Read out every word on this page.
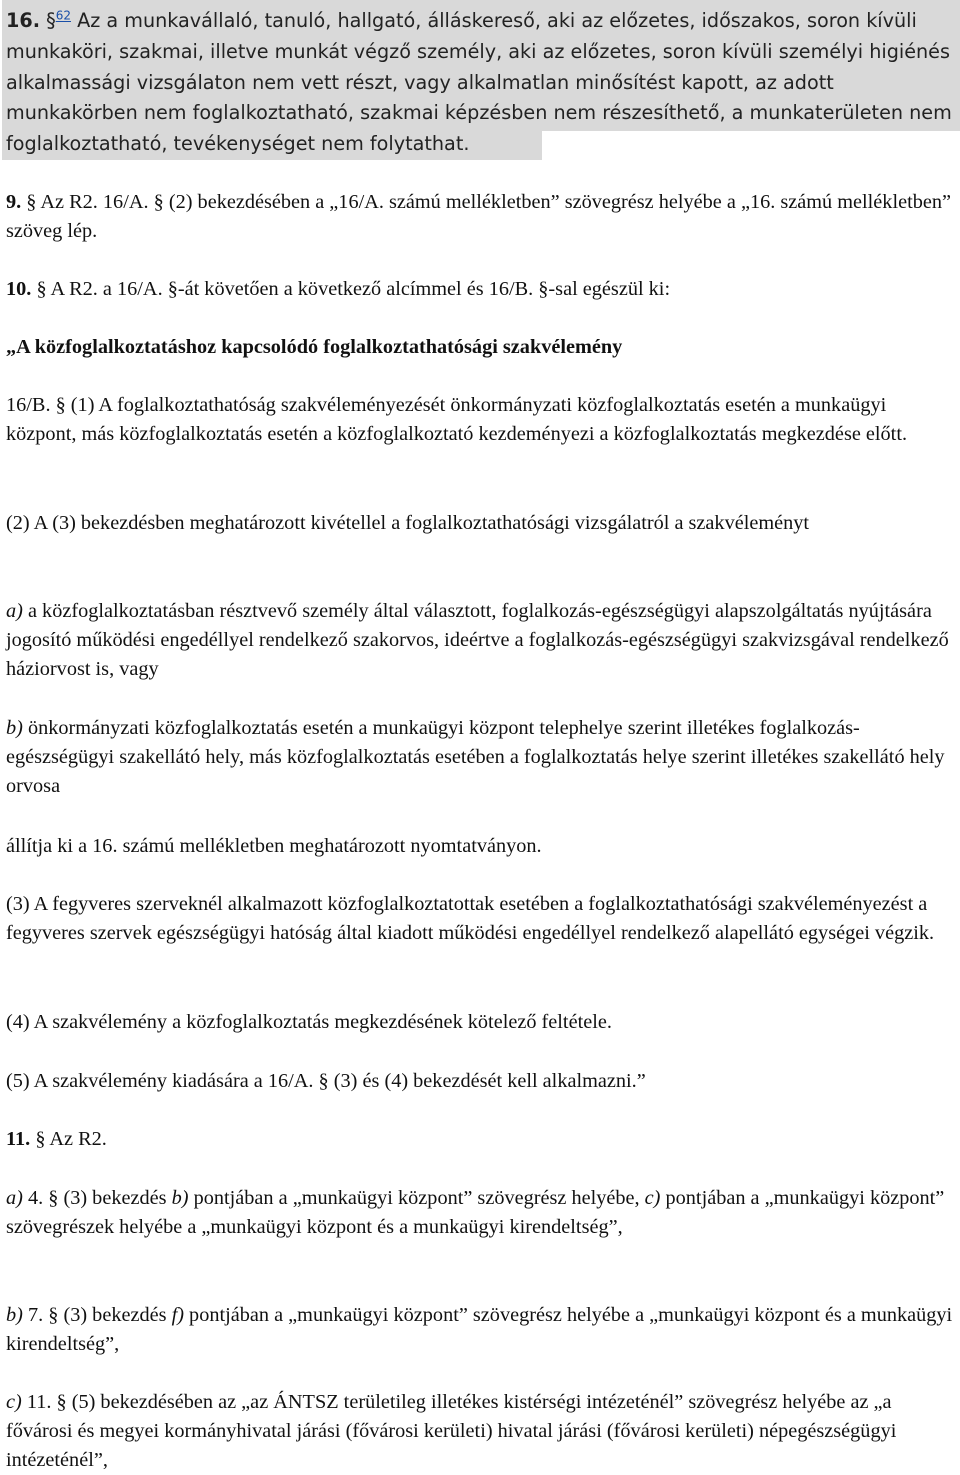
16. §$^{62}$ Az a munkavállaló, tanuló, hallgató, álláskereső, aki az előzetes, időszakos, soron kívüli munkaköri, szakmai, illetve munkát végző személy, aki az előzetes, soron kívüli személyi higiénés alkalmassági vizsgálaton nem vett részt, vagy alkalmatlan minősítést kapott, az adott munkakörben nem foglalkoztatható, szakmai képzésben nem részesíthető, a munkaterületen nem foglalkoztatható, tevékenységet nem folytathat.

9. § Az R2. 16/A. § (2) bekezdésében a „16/A. számú mellékletben” szövegrész helyébe a „16. számú mellékletben” szöveg lép.

10. § A R2. a 16/A. §-át követően a következő alcímmel és 16/B. §-sal egészül ki:

„A közfoglalkoztatáshoz kapcsolódó foglalkoztathatósági szakvélemény

16/B. § (1) A foglalkoztathatóság szakvéleményezését önkormányzati közfoglalkoztatás esetén a munkaügyi központ, más közfoglalkoztatás esetén a közfoglalkoztató kezdeményezi a közfoglalkoztatás megkezdése előtt.

(2) A (3) bekezdésben meghatározott kivétellel a foglalkoztathatósági vizsgálatról a szakvéleményt

a) a közfoglalkoztatásban résztvevő személy által választott, foglalkozás-egészségügyi alapszolgáltatás nyújtására jogosító működési engedéllyel rendelkező szakorvos, ideértve a foglalkozás-egészségügyi szakvizsgával rendelkező háziorvost is, vagy

b) önkormányzati közfoglalkoztatás esetén a munkaügyi központ telephelye szerint illetékes foglalkozás-egészségügyi szakellátó hely, más közfoglalkoztatás esetében a foglalkoztatás helye szerint illetékes szakellátó hely orvosa

állítja ki a 16. számú mellékletben meghatározott nyomtatványon.

(3) A fegyveres szerveknél alkalmazott közfoglalkoztatottak esetében a foglalkoztathatósági szakvéleményezést a fegyveres szervek egészségügyi hatóság által kiadott működési engedéllyel rendelkező alapellátó egységei végzik.

(4) A szakvélemény a közfoglalkoztatás megkezdésének kötelező feltétele.

(5) A szakvélemény kiadására a 16/A. § (3) és (4) bekezdését kell alkalmazni.”

11. § Az R2.

a) 4. § (3) bekezdés b) pontjában a „munkaügyi központ” szövegrész helyébe, c) pontjában a „munkaügyi központ” szövegrészek helyébe a „munkaügyi központ és a munkaügyi kirendeltség”,

b) 7. § (3) bekezdés f) pontjában a „munkaügyi központ” szövegrész helyébe a „munkaügyi központ és a munkaügyi kirendeltség”,

c) 11. § (5) bekezdésében az „az ÁNTSZ területileg illetékes kistérségi intézeténél” szövegrész helyébe az „a fővárosi és megyei kormányhivatal járási (fővárosi kerületi) hivatal járási (fővárosi kerületi) népegészségügyi intézeténél”,
